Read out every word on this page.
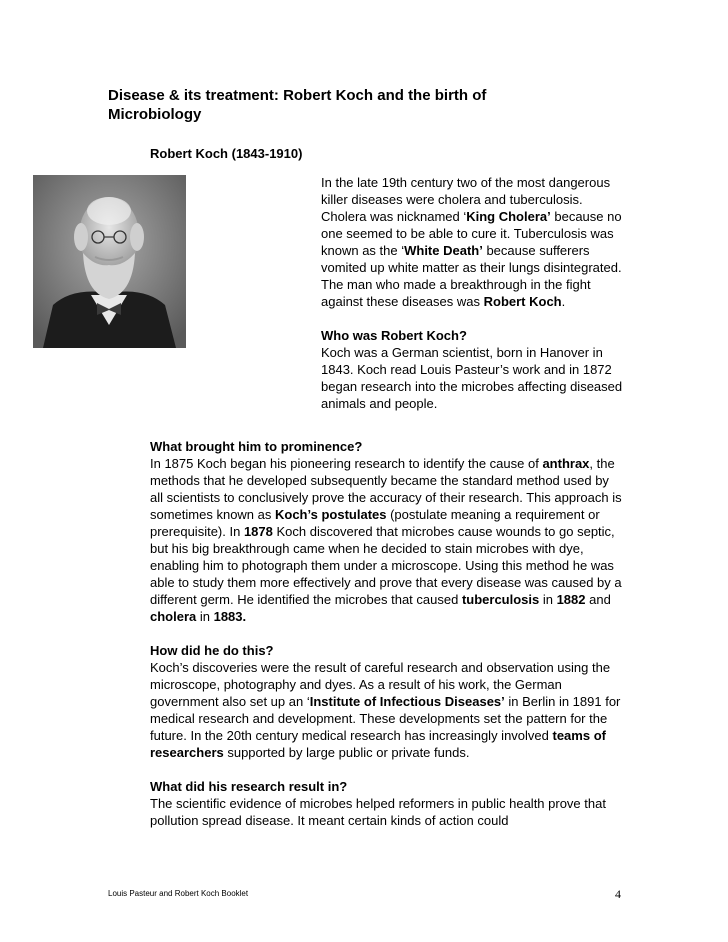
Disease & its treatment: Robert Koch and the birth of Microbiology
Robert Koch (1843-1910)

In the late 19th century two of the most dangerous killer diseases were cholera and tuberculosis. Cholera was nicknamed ‘King Cholera’ because no one seemed to be able to cure it. Tuberculosis was known as the ‘White Death’ because sufferers vomited up white matter as their lungs disintegrated. The man who made a breakthrough in the fight against these diseases was Robert Koch.

Who was Robert Koch?
Koch was a German scientist, born in Hanover in 1843. Koch read Louis Pasteur’s work and in 1872 began research into the microbes affecting diseased animals and people.

What brought him to prominence?
In 1875 Koch began his pioneering research to identify the cause of anthrax, the methods that he developed subsequently became the standard method used by all scientists to conclusively prove the accuracy of their research. This approach is sometimes known as Koch’s postulates (postulate meaning a requirement or prerequisite). In 1878 Koch discovered that microbes cause wounds to go septic, but his big breakthrough came when he decided to stain microbes with dye, enabling him to photograph them under a microscope. Using this method he was able to study them more effectively and prove that every disease was caused by a different germ. He identified the microbes that caused tuberculosis in 1882 and cholera in 1883.

How did he do this?
Koch’s discoveries were the result of careful research and observation using the microscope, photography and dyes. As a result of his work, the German government also set up an ‘Institute of Infectious Diseases’ in Berlin in 1891 for medical research and development. These developments set the pattern for the future. In the 20th century medical research has increasingly involved teams of researchers supported by large public or private funds.

What did his research result in?
The scientific evidence of microbes helped reformers in public health prove that pollution spread disease. It meant certain kinds of action could

Louis Pasteur and Robert Koch Booklet	4
